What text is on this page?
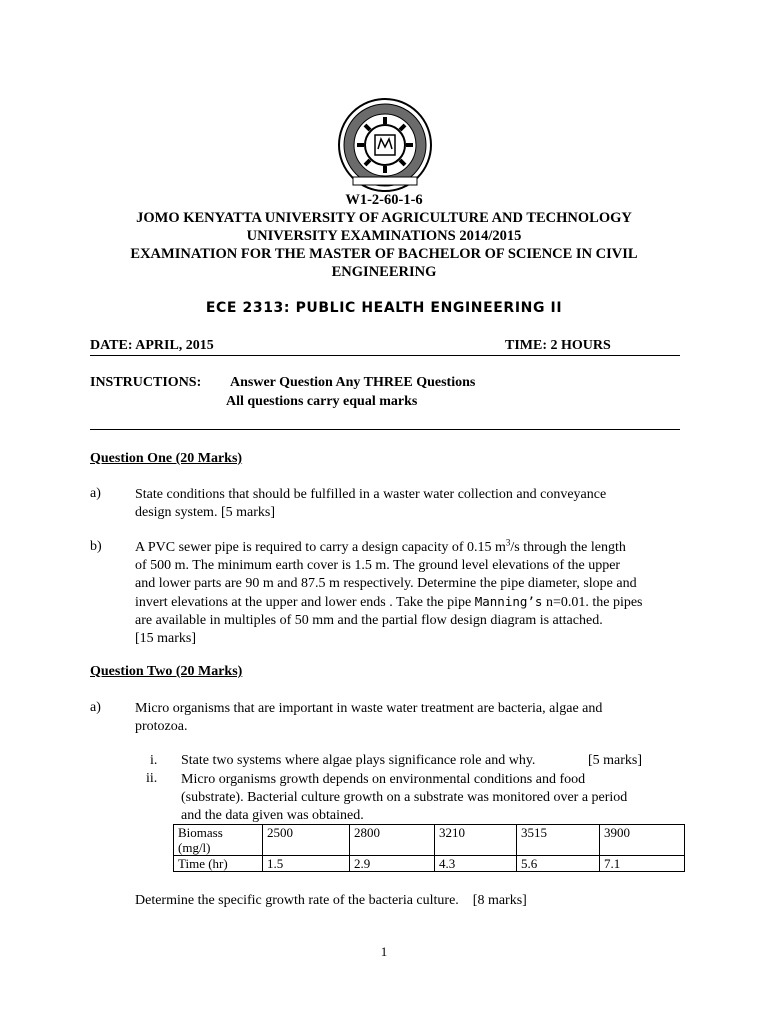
W1-2-60-1-6
JOMO KENYATTA UNIVERSITY OF AGRICULTURE AND TECHNOLOGY
UNIVERSITY EXAMINATIONS 2014/2015
EXAMINATION FOR THE MASTER OF BACHELOR OF SCIENCE IN CIVIL
ENGINEERING
ECE 2313: PUBLIC HEALTH ENGINEERING II
DATE: APRIL, 2015	TIME: 2 HOURS
INSTRUCTIONS: Answer Question Any THREE Questions
All questions carry equal marks
Question One (20 Marks)
a) State conditions that should be fulfilled in a waster water collection and conveyance
design system. [5 marks]
b) A PVC sewer pipe is required to carry a design capacity of 0.15 $m^3/s$ through the length
of 500 m. The minimum earth cover is 1.5 m. The ground level elevations of the upper
and lower parts are 90 m and 87.5 m respectively. Determine the pipe diameter, slope and
invert elevations at the upper and lower ends . Take the pipe Manning’s n=0.01. the pipes
are available in multiples of 50 mm and the partial flow design diagram is attached.
[15 marks]
Question Two (20 Marks)
a) Micro organisms that are important in waste water treatment are bacteria, algae and
protozoa.
i. State two systems where algae plays significance role and why.	[5 marks]
ii. Micro organisms growth depends on environmental conditions and food
(substrate). Bacterial culture growth on a substrate was monitored over a period
and the data given was obtained.
Biomass
(mg/l)	2500	2800	3210	3515	3900
Time (hr)	1.5	2.9	4.3	5.6	7.1
Determine the specific growth rate of the bacteria culture.    [8 marks]
1
